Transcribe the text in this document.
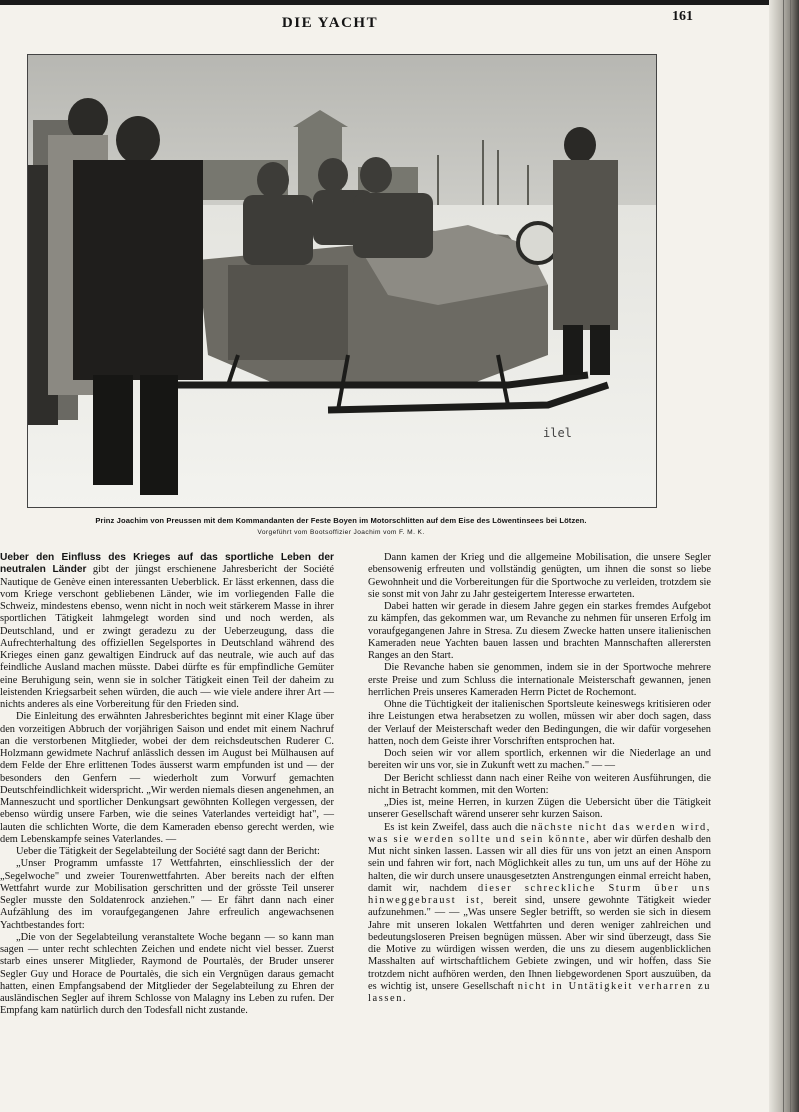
DIE YACHT	161
ilel
Prinz Joachim von Preussen mit dem Kommandanten der Feste Boyen im Motorschlitten auf dem Eise des Löwentinsees bei Lötzen.
Vorgeführt vom Bootsoffizier Joachim vom F. M. K.

Ueber den Einfluss des Krieges auf das sportliche Leben der neutralen Länder gibt der jüngst erschienene Jahresbericht der Société Nautique de Genève einen interessanten Ueberblick. Er lässt erkennen, dass die vom Kriege verschont gebliebenen Länder, wie im vorliegenden Falle die Schweiz, mindestens ebenso, wenn nicht in noch weit stärkerem Masse in ihrer sportlichen Tätigkeit lahmgelegt worden sind und noch werden, als Deutschland, und er zwingt geradezu zu der Ueberzeugung, dass die Aufrechterhaltung des offiziellen Segelsportes in Deutschland während des Krieges einen ganz gewaltigen Eindruck auf das neutrale, wie auch auf das feindliche Ausland machen müsste. Dabei dürfte es für empfindliche Gemüter eine Beruhigung sein, wenn sie in solcher Tätigkeit einen Teil der daheim zu leistenden Kriegsarbeit sehen würden, die auch — wie viele andere ihrer Art — nichts anderes als eine Vorbereitung für den Frieden sind.

Die Einleitung des erwähnten Jahresberichtes beginnt mit einer Klage über den vorzeitigen Abbruch der vorjährigen Saison und endet mit einem Nachruf an die verstorbenen Mitglieder, wobei der dem reichsdeutschen Ruderer C. Holzmann gewidmete Nachruf anlässlich dessen im August bei Mülhausen auf dem Felde der Ehre erlittenen Todes äusserst warm empfunden ist und — der besonders den Genfern — wiederholt zum Vorwurf gemachten Deutschfeindlichkeit widerspricht. „Wir werden niemals diesen angenehmen, an Manneszucht und sportlicher Denkungsart gewöhnten Kollegen vergessen, der ebenso würdig unsere Farben, wie die seines Vaterlandes verteidigt hat", — lauten die schlichten Worte, die dem Kameraden ebenso gerecht werden, wie dem Lebenskampfe seines Vaterlandes. —

Ueber die Tätigkeit der Segelabteilung der Société sagt dann der Bericht:

„Unser Programm umfasste 17 Wettfahrten, einschliesslich der der „Segelwoche" und zweier Tourenwettfahrten. Aber bereits nach der elften Wettfahrt wurde zur Mobilisation gerschritten und der grösste Teil unserer Segler musste den Soldatenrock anziehen." — Er fährt dann nach einer Aufzählung des im voraufgegangenen Jahre erfreulich angewachsenen Yachtbestandes fort:

„Die von der Segelabteilung veranstaltete Woche begann — so kann man sagen — unter recht schlechten Zeichen und endete nicht viel besser. Zuerst starb eines unserer Mitglieder, Raymond de Pourtalès, der Bruder unserer Segler Guy und Horace de Pourtalès, die sich ein Vergnügen daraus gemacht hatten, einen Empfangsabend der Mitglieder der Segelabteilung zu Ehren der ausländischen Segler auf ihrem Schlosse von Malagny ins Leben zu rufen. Der Empfang kam natürlich durch den Todesfall nicht zustande.

Dann kamen der Krieg und die allgemeine Mobilisation, die unsere Segler ebensowenig erfreuten und vollständig genügten, um ihnen die sonst so liebe Gewohnheit und die Vorbereitungen für die Sportwoche zu verleiden, trotzdem sie sie sonst mit von Jahr zu Jahr gesteigertem Interesse erwarteten.

Dabei hatten wir gerade in diesem Jahre gegen ein starkes fremdes Aufgebot zu kämpfen, das gekommen war, um Revanche zu nehmen für unseren Erfolg im voraufgegangenen Jahre in Stresa. Zu diesem Zwecke hatten unsere italienischen Kameraden neue Yachten bauen lassen und brachten Mannschaften allerersten Ranges an den Start.

Die Revanche haben sie genommen, indem sie in der Sportwoche mehrere erste Preise und zum Schluss die internationale Meisterschaft gewannen, jenen herrlichen Preis unseres Kameraden Herrn Pictet de Rochemont.

Ohne die Tüchtigkeit der italienischen Sportsleute keineswegs kritisieren oder ihre Leistungen etwa herabsetzen zu wollen, müssen wir aber doch sagen, dass der Verlauf der Meisterschaft weder den Bedingungen, die wir dafür vorgesehen hatten, noch dem Geiste ihrer Vorschriften entsprochen hat.

Doch seien wir vor allem sportlich, erkennen wir die Niederlage an und bereiten wir uns vor, sie in Zukunft wett zu machen." — —

Der Bericht schliesst dann nach einer Reihe von weiteren Ausführungen, die nicht in Betracht kommen, mit den Worten:

„Dies ist, meine Herren, in kurzen Zügen die Uebersicht über die Tätigkeit unserer Gesellschaft wärend unserer sehr kurzen Saison.

Es ist kein Zweifel, dass auch die nächste nicht das werden wird, was sie werden sollte und sein könnte, aber wir dürfen deshalb den Mut nicht sinken lassen. Lassen wir all dies für uns von jetzt an einen Ansporn sein und fahren wir fort, nach Möglichkeit alles zu tun, um uns auf der Höhe zu halten, die wir durch unsere unausgesetzten Anstrengungen einmal erreicht haben, damit wir, nachdem dieser schreckliche Sturm über uns hinweggebraust ist, bereit sind, unsere gewohnte Tätigkeit wieder aufzunehmen." — — „Was unsere Segler betrifft, so werden sie sich in diesem Jahre mit unseren lokalen Wettfahrten und deren weniger zahlreichen und bedeutungsloseren Preisen begnügen müssen. Aber wir sind überzeugt, dass Sie die Motive zu würdigen wissen werden, die uns zu diesem augenblicklichen Masshalten auf wirtschaftlichem Gebiete zwingen, und wir hoffen, dass Sie trotzdem nicht aufhören werden, den Ihnen liebgewordenen Sport auszuüben, da es wichtig ist, unsere Gesellschaft nicht in Untätigkeit verharren zu lassen.
